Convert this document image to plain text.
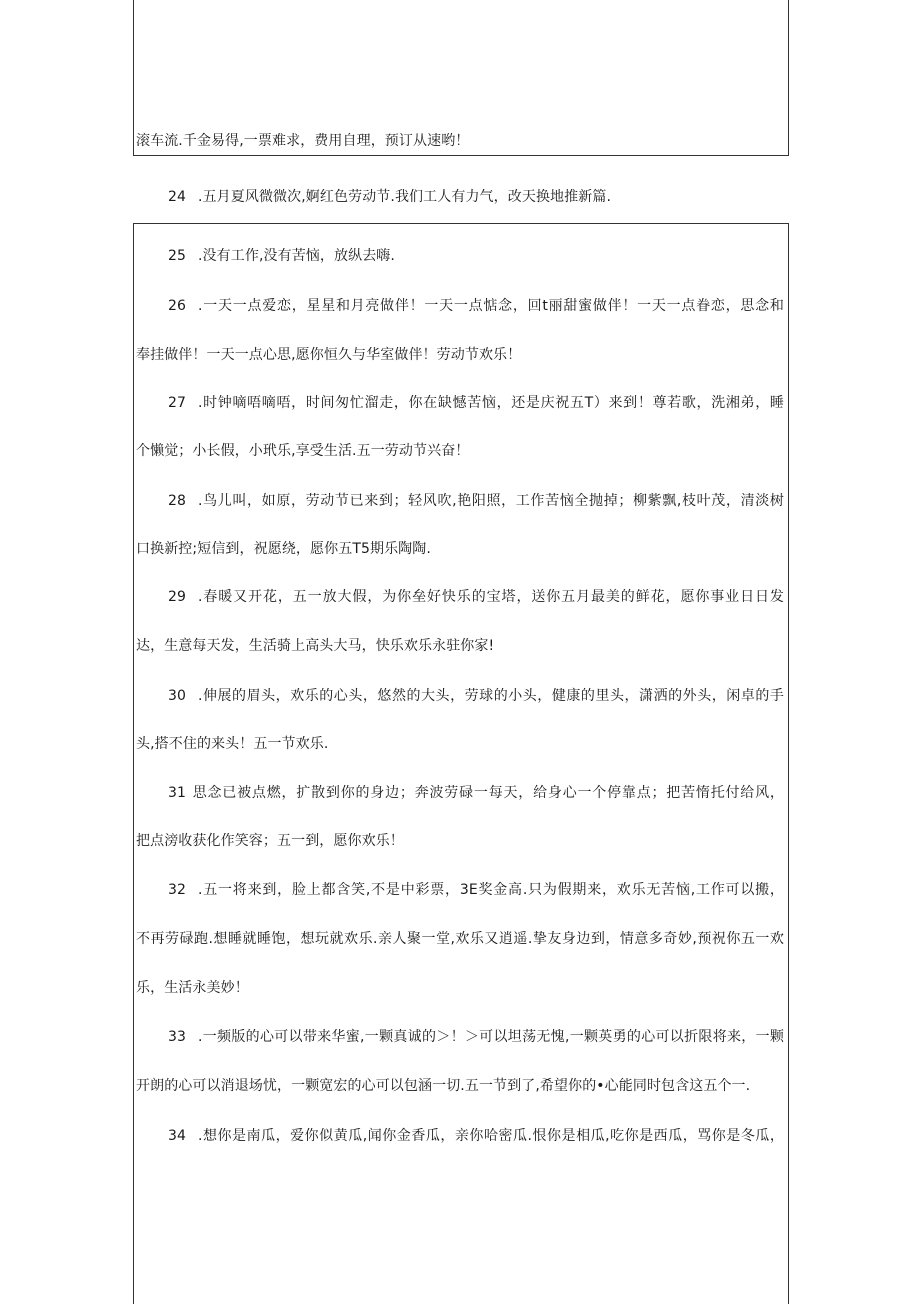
滚车流.千金易得,一票难求，费用自理，预订从速哟！
24 .五月夏风微微次,婀红色劳动节.我们工人有力气，改天换地推新篇.
25 .没有工作,没有苦恼，放纵去嗨.
26 .一天一点爱恋，星星和月亮做伴！一天一点惦念，回t丽甜蜜做伴！一天一点眷恋，思念和
奉挂做伴！一天一点心思,愿你恒久与华室做伴！劳动节欢乐！
27 .时钟嘀唔嘀唔，时间匆忙溜走，你在缺憾苦恼，还是庆祝五T）来到！尊若歌，洗湘弟，睡
个懒觉；小长假，小玳乐,享受生活.五一劳动节兴奋！
28 .鸟儿叫，如原，劳动节已来到；轻风吹,艳阳照，工作苦恼全抛掉；柳紫飘,枝叶茂，清淡树
口换新控;短信到，祝愿绕，愿你五T5期乐陶陶.
29 .春暖又开花，五一放大假，为你垒好快乐的宝塔，送你五月最美的鲜花，愿你事业日日发
达，生意每天发，生活骑上高头大马，快乐欢乐永驻你家!
30 .伸展的眉头，欢乐的心头，悠然的大头，劳球的小头，健康的里头，潇洒的外头，闲卓的手
头,搭不住的来头！五一节欢乐.
31 思念已被点燃，扩散到你的身边；奔波劳碌一每天，给身心一个停靠点；把苦惰托付给风，
把点滂收获化作笑容；五一到，愿你欢乐！
32 .五一将来到，脸上都含笑,不是中彩票，3E奖金高.只为假期来，欢乐无苦恼,工作可以搬，
不再劳碌跑.想睡就睡饱，想玩就欢乐.亲人聚一堂,欢乐又逍遥.挚友身边到，情意多奇妙,预祝你五一欢
乐，生活永美妙！
33 .一频版的心可以带来华蜜,一颗真诚的＞！＞可以坦荡无愧,一颗英勇的心可以折限将来，一颗
开朗的心可以消退场忧，一颗宽宏的心可以包涵一切.五一节到了,希望你的•心能同时包含这五个一.
34 .想你是南瓜，爱你似黄瓜,闻你金香瓜，亲你哈密瓜.恨你是相瓜,吃你是西瓜，骂你是冬瓜，
